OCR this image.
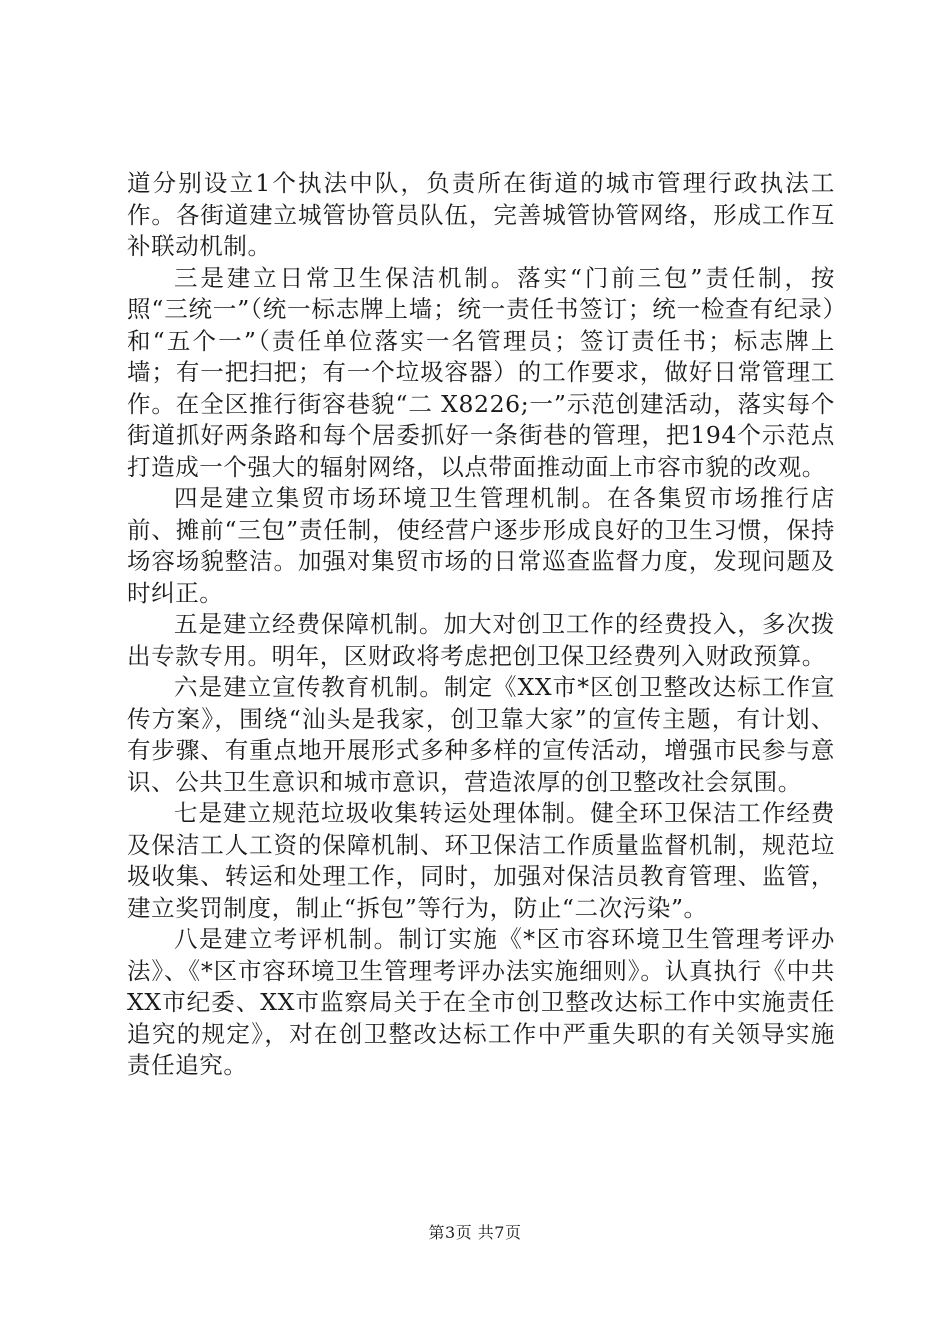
道分别设立1个执法中队，负责所在街道的城市管理行政执法工作。各街道建立城管协管员队伍，完善城管协管网络，形成工作互补联动机制。

三是建立日常卫生保洁机制。落实“门前三包”责任制，按照“三统一”（统一标志牌上墙；统一责任书签订；统一检查有纪录）和“五个一”（责任单位落实一名管理员；签订责任书；标志牌上墙；有一把扫把；有一个垃圾容器）的工作要求，做好日常管理工作。在全区推行街容巷貌“二 X8226;一”示范创建活动，落实每个街道抓好两条路和每个居委抓好一条街巷的管理，把194个示范点打造成一个强大的辐射网络，以点带面推动面上市容市貌的改观。

四是建立集贸市场环境卫生管理机制。在各集贸市场推行店前、摊前“三包”责任制，使经营户逐步形成良好的卫生习惯，保持场容场貌整洁。加强对集贸市场的日常巡查监督力度，发现问题及时纠正。

五是建立经费保障机制。加大对创卫工作的经费投入，多次拨出专款专用。明年，区财政将考虑把创卫保卫经费列入财政预算。

六是建立宣传教育机制。制定《XX市*区创卫整改达标工作宣传方案》，围绕“汕头是我家，创卫靠大家”的宣传主题，有计划、有步骤、有重点地开展形式多种多样的宣传活动，增强市民参与意识、公共卫生意识和城市意识，营造浓厚的创卫整改社会氛围。

七是建立规范垃圾收集转运处理体制。健全环卫保洁工作经费及保洁工人工资的保障机制、环卫保洁工作质量监督机制，规范垃圾收集、转运和处理工作，同时，加强对保洁员教育管理、监管，建立奖罚制度，制止“拆包”等行为，防止“二次污染”。

八是建立考评机制。制订实施《*区市容环境卫生管理考评办法》、《*区市容环境卫生管理考评办法实施细则》。认真执行《中共XX市纪委、XX市监察局关于在全市创卫整改达标工作中实施责任追究的规定》，对在创卫整改达标工作中严重失职的有关领导实施责任追究。

第3页 共7页
